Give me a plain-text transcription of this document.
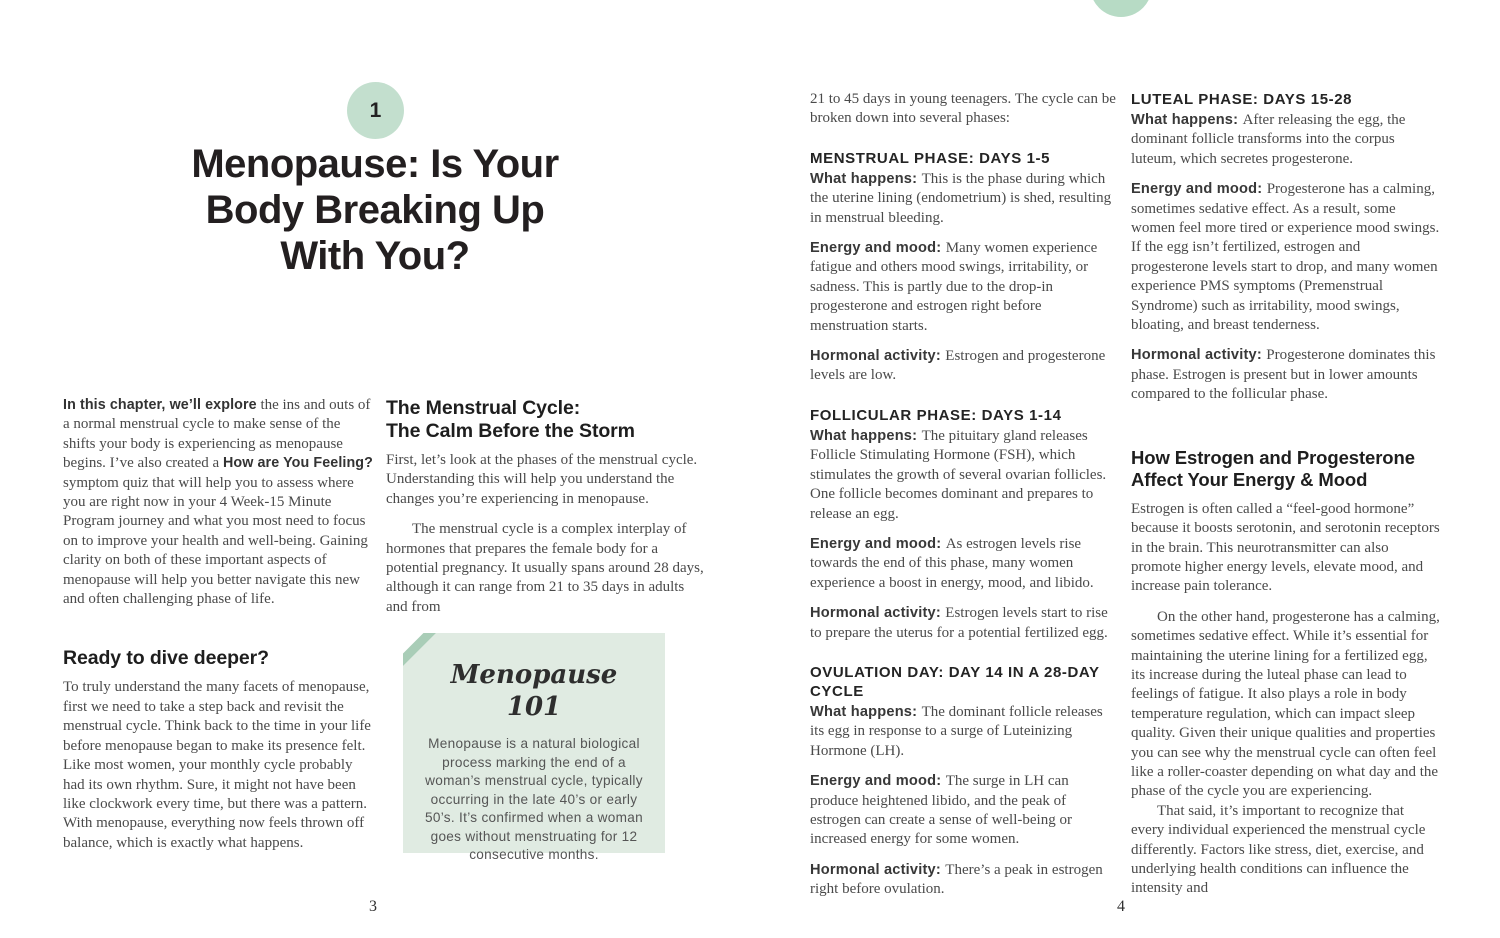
1
Menopause: Is Your
Body Breaking Up
With You?

In this chapter, we’ll explore the ins and outs of a normal menstrual cycle to make sense of the shifts your body is experiencing as menopause begins. I’ve also created a How are You Feeling? symptom quiz that will help you to assess where you are right now in your 4 Week-15 Minute Program journey and what you most need to focus on to improve your health and well-being. Gaining clarity on both of these important aspects of menopause will help you better navigate this new and often challenging phase of life.

Ready to dive deeper?

To truly understand the many facets of menopause, first we need to take a step back and revisit the menstrual cycle. Think back to the time in your life before menopause began to make its presence felt. Like most women, your monthly cycle probably had its own rhythm. Sure, it might not have been like clockwork every time, but there was a pattern. With menopause, everything now feels thrown off balance, which is exactly what happens.

The Menstrual Cycle:
The Calm Before the Storm

First, let’s look at the phases of the menstrual cycle. Understanding this will help you understand the changes you’re experiencing in menopause.

The menstrual cycle is a complex interplay of hormones that prepares the female body for a potential pregnancy. It usually spans around 28 days, although it can range from 21 to 35 days in adults and from

Menopause 101

Menopause is a natural biological process marking the end of a woman’s menstrual cycle, typically occurring in the late 40’s or early 50’s. It’s confirmed when a woman goes without menstruating for 12 consecutive months.

3

21 to 45 days in young teenagers. The cycle can be broken down into several phases:

MENSTRUAL PHASE: DAYS 1-5

What happens: This is the phase during which the uterine lining (endometrium) is shed, resulting in menstrual bleeding.

Energy and mood: Many women experience fatigue and others mood swings, irritability, or sadness. This is partly due to the drop-in progesterone and estrogen right before menstruation starts.

Hormonal activity: Estrogen and progesterone levels are low.

FOLLICULAR PHASE: DAYS 1-14

What happens: The pituitary gland releases Follicle Stimulating Hormone (FSH), which stimulates the growth of several ovarian follicles. One follicle becomes dominant and prepares to release an egg.

Energy and mood: As estrogen levels rise towards the end of this phase, many women experience a boost in energy, mood, and libido.

Hormonal activity: Estrogen levels start to rise to prepare the uterus for a potential fertilized egg.

OVULATION DAY: DAY 14 IN A 28-DAY CYCLE

What happens: The dominant follicle releases its egg in response to a surge of Luteinizing Hormone (LH).

Energy and mood: The surge in LH can produce heightened libido, and the peak of estrogen can create a sense of well-being or increased energy for some women.

Hormonal activity: There’s a peak in estrogen right before ovulation.

LUTEAL PHASE: DAYS 15-28

What happens: After releasing the egg, the dominant follicle transforms into the corpus luteum, which secretes progesterone.

Energy and mood: Progesterone has a calming, sometimes sedative effect. As a result, some women feel more tired or experience mood swings. If the egg isn’t fertilized, estrogen and progesterone levels start to drop, and many women experience PMS symptoms (Premenstrual Syndrome) such as irritability, mood swings, bloating, and breast tenderness.

Hormonal activity: Progesterone dominates this phase. Estrogen is present but in lower amounts compared to the follicular phase.

How Estrogen and Progesterone Affect Your Energy & Mood

Estrogen is often called a “feel-good hormone” because it boosts serotonin, and serotonin receptors in the brain. This neurotransmitter can also promote higher energy levels, elevate mood, and increase pain tolerance.

On the other hand, progesterone has a calming, sometimes sedative effect. While it’s essential for maintaining the uterine lining for a fertilized egg, its increase during the luteal phase can lead to feelings of fatigue. It also plays a role in body temperature regulation, which can impact sleep quality. Given their unique qualities and properties you can see why the menstrual cycle can often feel like a roller-coaster depending on what day and the phase of the cycle you are experiencing.

That said, it’s important to recognize that every individual experienced the menstrual cycle differently. Factors like stress, diet, exercise, and underlying health conditions can influence the intensity and

4
